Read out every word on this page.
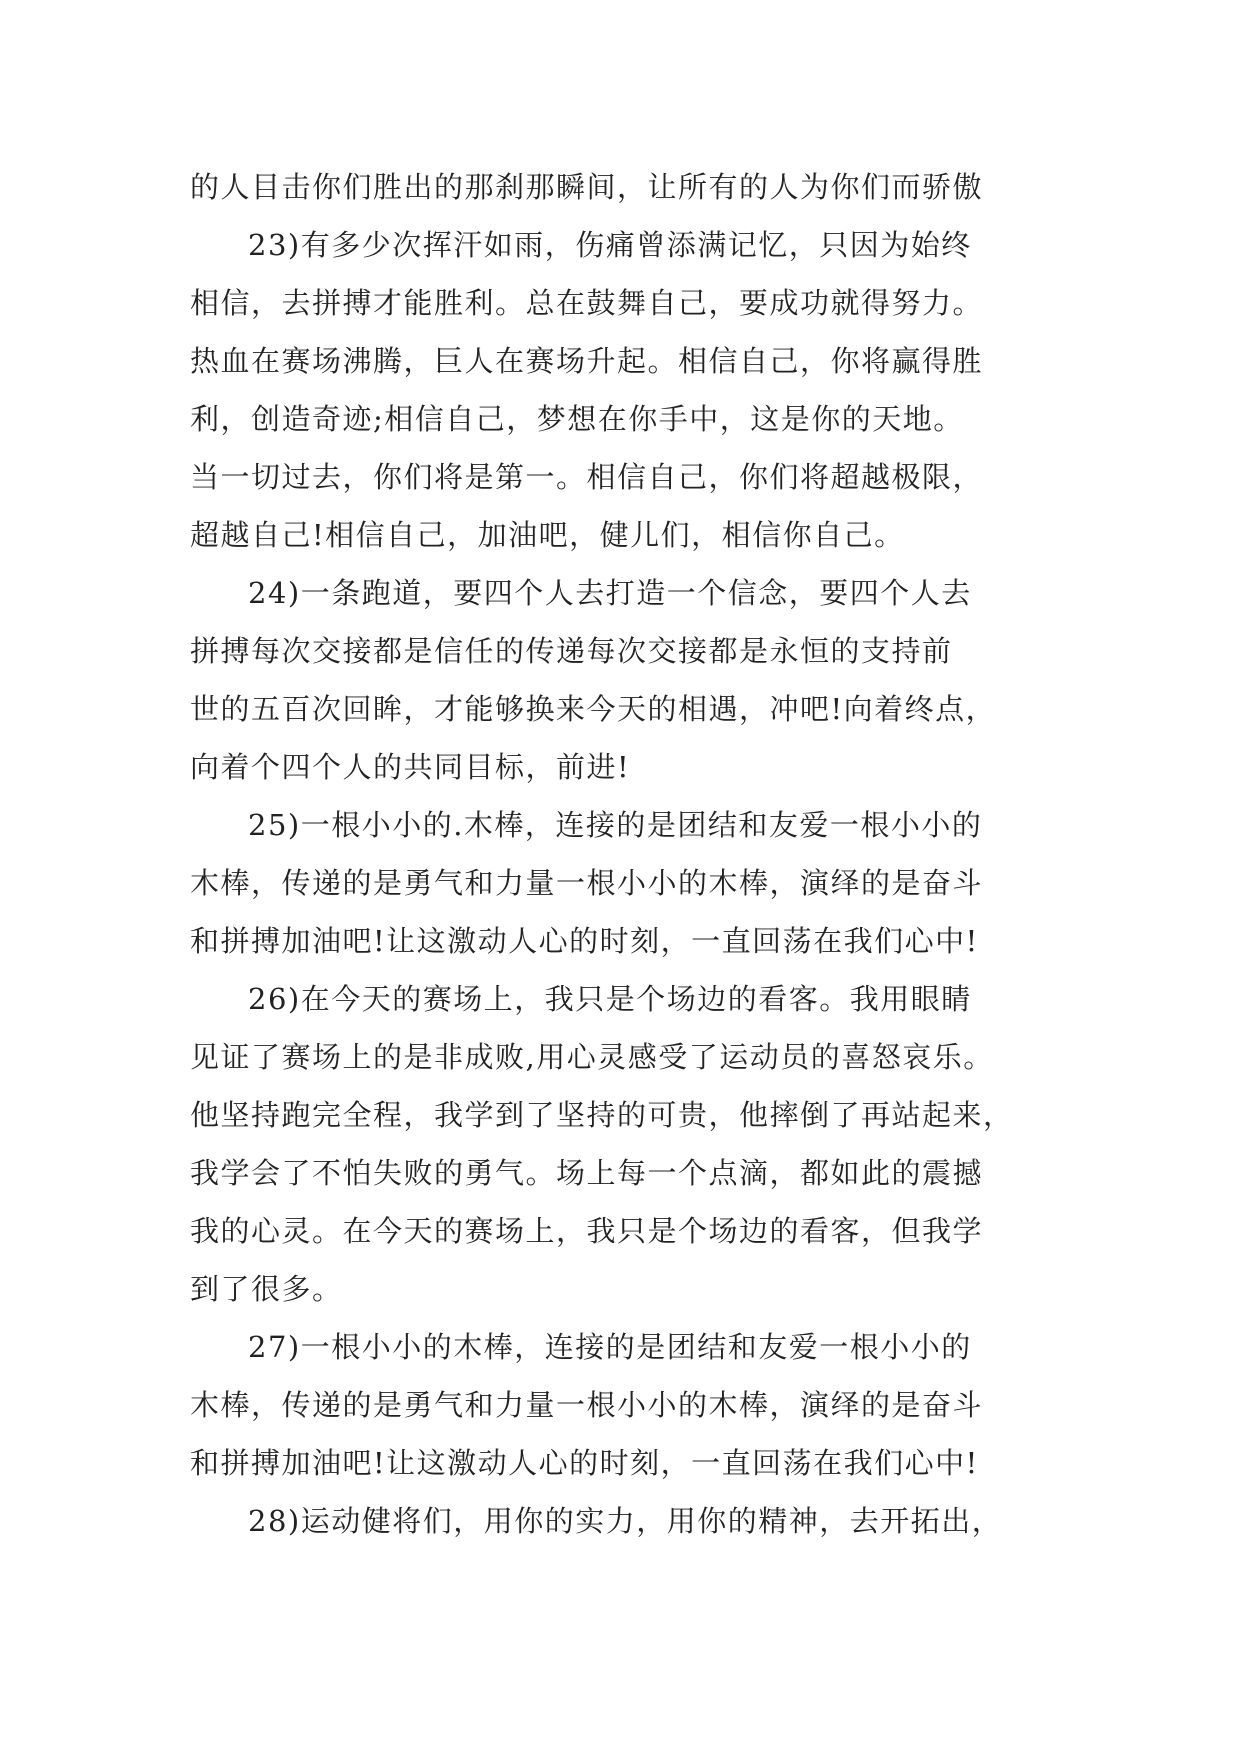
的人目击你们胜出的那刹那瞬间，让所有的人为你们而骄傲
23)有多少次挥汗如雨，伤痛曾添满记忆，只因为始终
相信，去拼搏才能胜利。总在鼓舞自己，要成功就得努力。
热血在赛场沸腾，巨人在赛场升起。相信自己，你将赢得胜
利，创造奇迹;相信自己，梦想在你手中，这是你的天地。
当一切过去，你们将是第一。相信自己，你们将超越极限，
超越自己!相信自己，加油吧，健儿们，相信你自己。
24)一条跑道，要四个人去打造一个信念，要四个人去
拼搏每次交接都是信任的传递每次交接都是永恒的支持前
世的五百次回眸，才能够换来今天的相遇，冲吧!向着终点，
向着个四个人的共同目标，前进!
25)一根小小的.木棒，连接的是团结和友爱一根小小的
木棒，传递的是勇气和力量一根小小的木棒，演绎的是奋斗
和拼搏加油吧!让这激动人心的时刻，一直回荡在我们心中!
26)在今天的赛场上，我只是个场边的看客。我用眼睛
见证了赛场上的是非成败,用心灵感受了运动员的喜怒哀乐。
他坚持跑完全程，我学到了坚持的可贵，他摔倒了再站起来，
我学会了不怕失败的勇气。场上每一个点滴，都如此的震撼
我的心灵。在今天的赛场上，我只是个场边的看客，但我学
到了很多。
27)一根小小的木棒，连接的是团结和友爱一根小小的
木棒，传递的是勇气和力量一根小小的木棒，演绎的是奋斗
和拼搏加油吧!让这激动人心的时刻，一直回荡在我们心中!
28)运动健将们，用你的实力，用你的精神，去开拓出，
